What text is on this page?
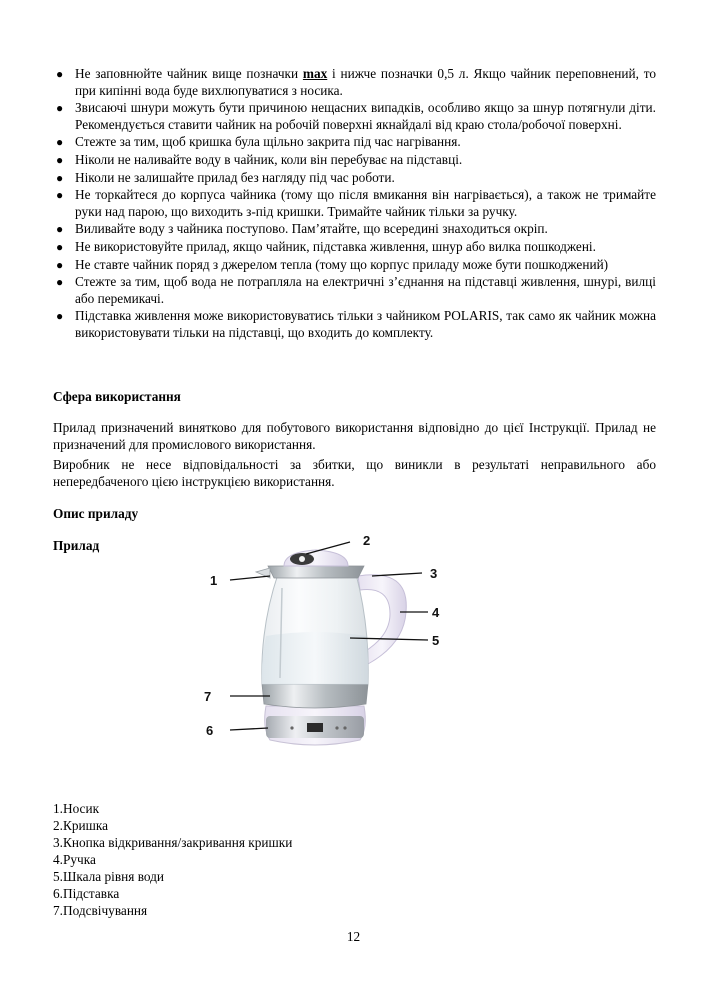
● Не заповнюйте чайник вище позначки max і нижче позначки 0,5 л. Якщо чайник переповнений, то при кипінні вода буде вихлюпуватися з носика.
● Звисаючі шнури можуть бути причиною нещасних випадків, особливо якщо за шнур потягнули діти. Рекомендується ставити чайник на робочій поверхні якнайдалі від краю стола/робочої поверхні.
● Стежте за тим, щоб кришка була щільно закрита під час нагрівання.
● Ніколи не наливайте воду в чайник, коли він перебуває на підставці.
● Ніколи не залишайте прилад без нагляду під час роботи.
● Не торкайтеся до корпуса чайника (тому що після вмикання він нагрівається), а також не тримайте руки над парою, що виходить з-під кришки. Тримайте чайник тільки за ручку.
● Виливайте воду з чайника поступово. Пам’ятайте, що всередині знаходиться окріп.
● Не використовуйте прилад, якщо чайник, підставка живлення, шнур або вилка пошкоджені.
● Не ставте чайник поряд з джерелом тепла (тому що корпус приладу може бути пошкоджений)
● Стежте за тим, щоб вода не потрапляла на електричні з’єднання на підставці живлення, шнурі, вилці або перемикачі.
● Підставка живлення може використовуватись тільки з чайником POLARIS, так само як чайник можна використовувати тільки на підставці, що входить до комплекту.
Сфера використання

Прилад призначений винятково для побутового використання відповідно до цієї Інструкції. Прилад не призначений для промислового використання.

Виробник не несе відповідальності за збитки, що виникли в результаті неправильного або непередбаченого цією інструкцією використання.

Опис приладу
Прилад
1
2
3
4
5
7
6
1.Носик
2.Кришка
3.Кнопка відкривання/закривання кришки
4.Ручка
5.Шкала рівня води
6.Підставка
7.Подсвічування
12
